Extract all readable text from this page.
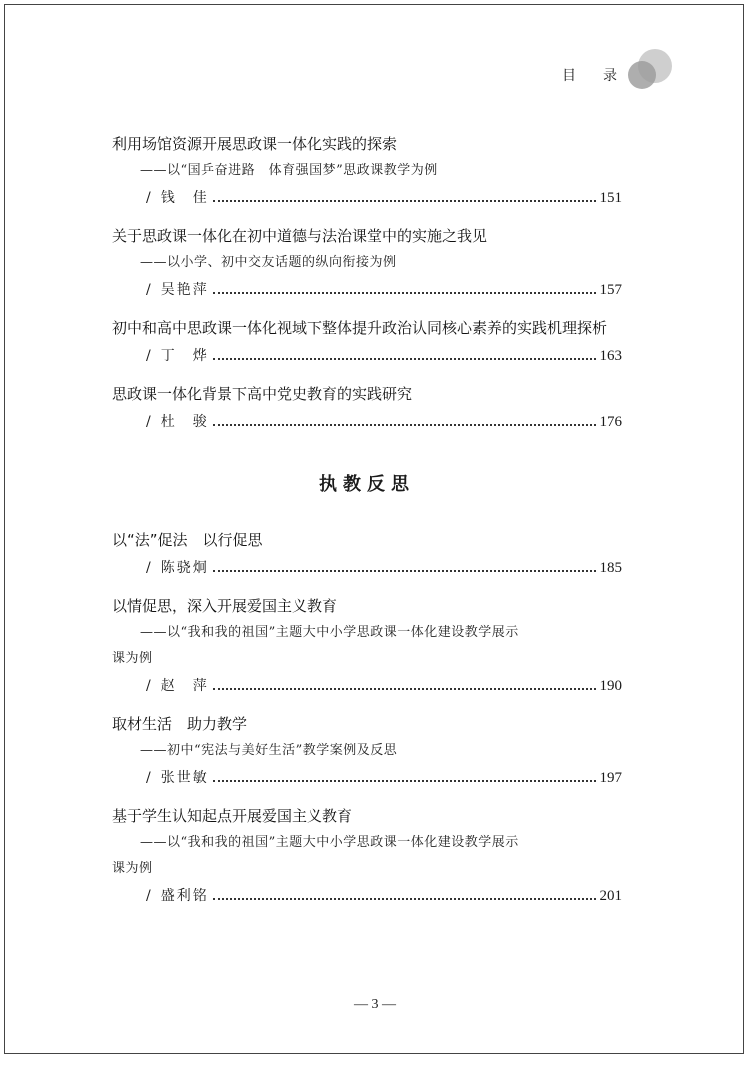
目 录
利用场馆资源开展思政课一体化实践的探索
——以“国乒奋进路　体育强国梦”思政课教学为例
/ 钱　佳	151
关于思政课一体化在初中道德与法治课堂中的实施之我见
——以小学、初中交友话题的纵向衔接为例
/ 吴艳萍	157
初中和高中思政课一体化视域下整体提升政治认同核心素养的实践机理探析
/ 丁　烨	163
思政课一体化背景下高中党史教育的实践研究
/ 杜　骏	176
执教反思
以“法”促法　以行促思
/ 陈骁炯	185
以情促思，深入开展爱国主义教育
——以“我和我的祖国”主题大中小学思政课一体化建设教学展示
课为例
/ 赵　萍	190
取材生活　助力教学
——初中“宪法与美好生活”教学案例及反思
/ 张世敏	197
基于学生认知起点开展爱国主义教育
——以“我和我的祖国”主题大中小学思政课一体化建设教学展示
课为例
/ 盛利铭	201
— 3 —
